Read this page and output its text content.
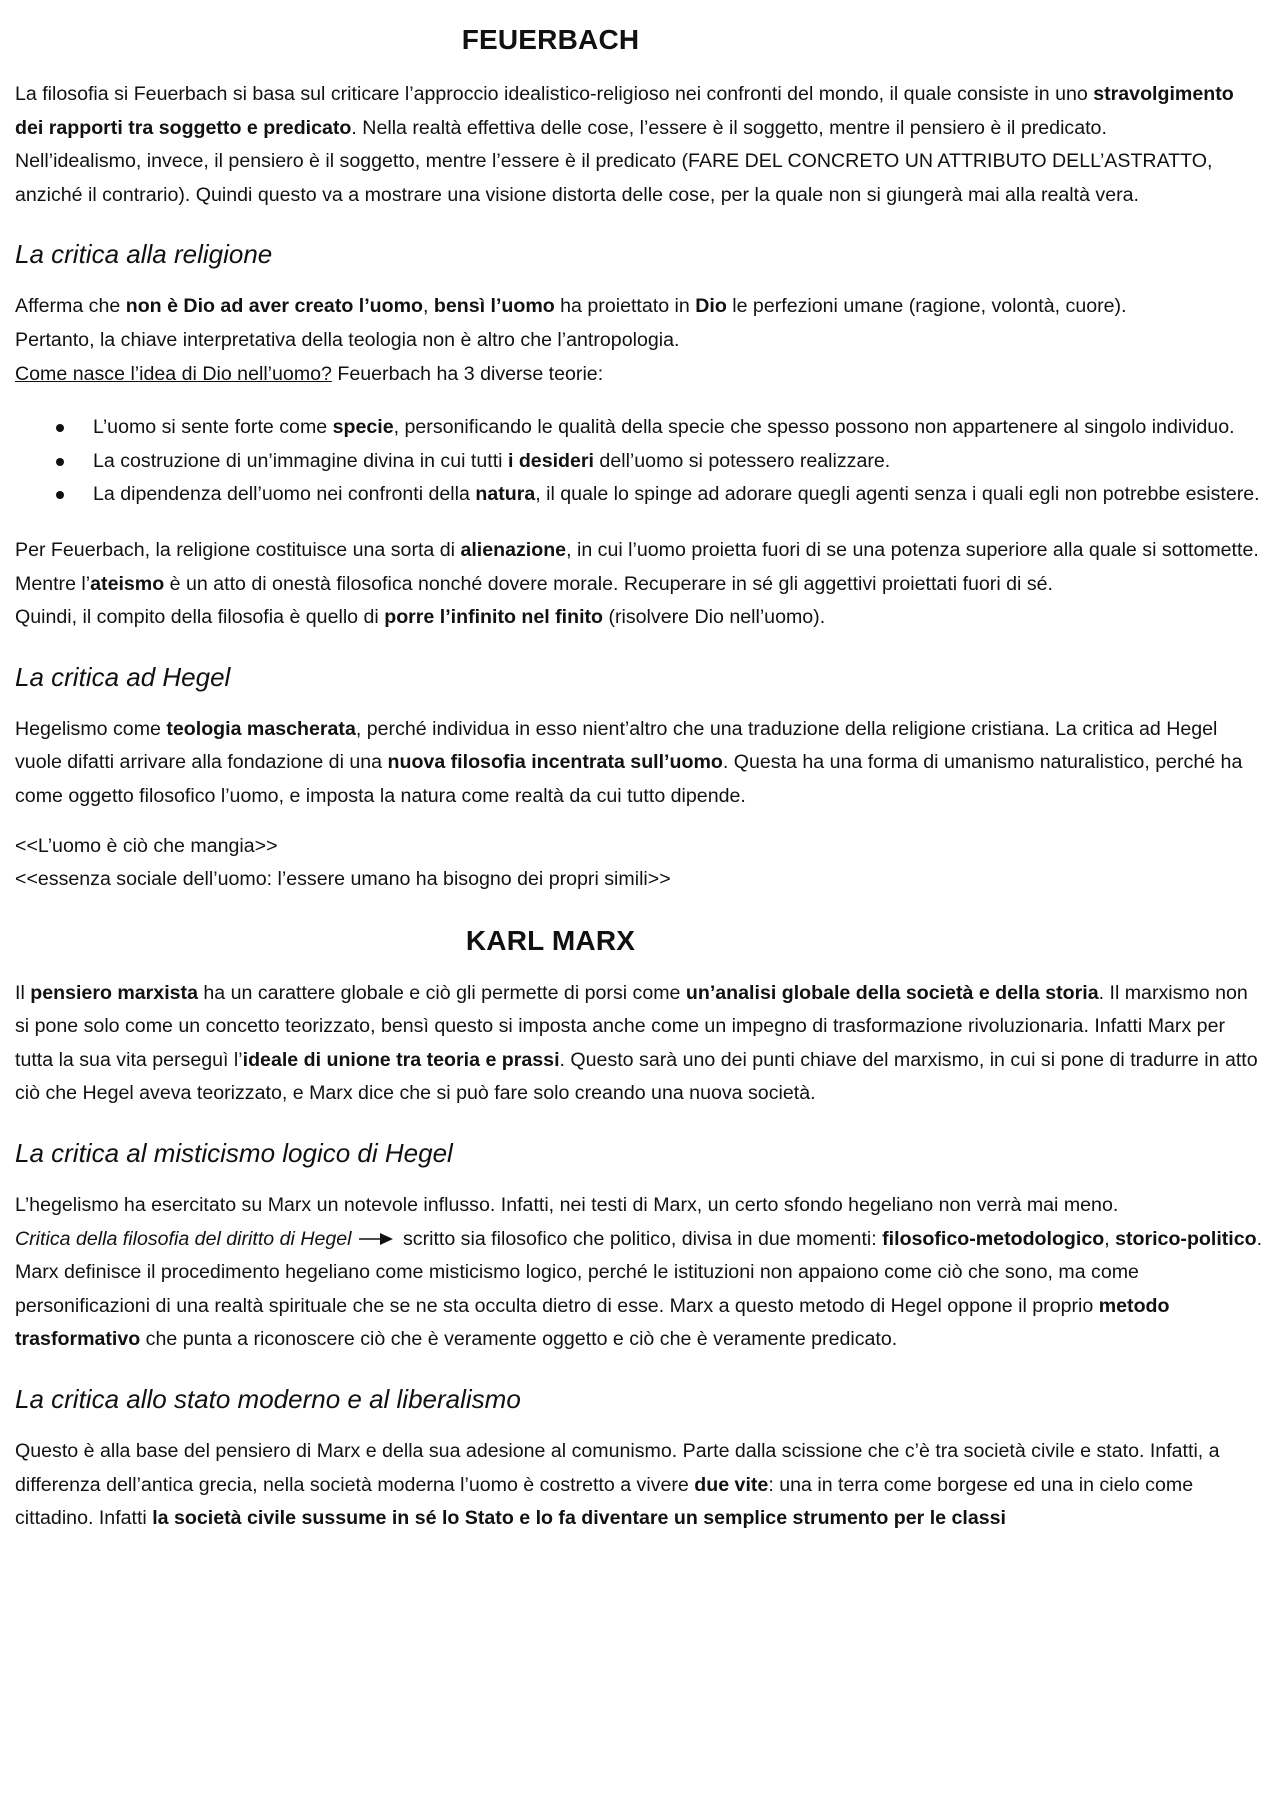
FEUERBACH

La filosofia si Feuerbach si basa sul criticare l’approccio idealistico-religioso nei confronti del mondo, il quale consiste in uno stravolgimento dei rapporti tra soggetto e predicato. Nella realtà effettiva delle cose, l’essere è il soggetto, mentre il pensiero è il predicato.

Nell’idealismo, invece, il pensiero è il soggetto, mentre l’essere è il predicato (FARE DEL CONCRETO UN ATTRIBUTO DELL’ASTRATTO, anziché il contrario). Quindi questo va a mostrare una visione distorta delle cose, per la quale non si giungerà mai alla realtà vera.

La critica alla religione

Afferma che non è Dio ad aver creato l’uomo, bensì l’uomo ha proiettato in Dio le perfezioni umane (ragione, volontà, cuore).

Pertanto, la chiave interpretativa della teologia non è altro che l’antropologia.

Come nasce l’idea di Dio nell’uomo? Feuerbach ha 3 diverse teorie:

L’uomo si sente forte come specie, personificando le qualità della specie che spesso possono non appartenere al singolo individuo.
La costruzione di un’immagine divina in cui tutti i desideri dell’uomo si potessero realizzare.
La dipendenza dell’uomo nei confronti della natura, il quale lo spinge ad adorare quegli agenti senza i quali egli non potrebbe esistere.

Per Feuerbach, la religione costituisce una sorta di alienazione, in cui l’uomo proietta fuori di se una potenza superiore alla quale si sottomette. Mentre l’ateismo è un atto di onestà filosofica nonché dovere morale. Recuperare in sé gli aggettivi proiettati fuori di sé.

Quindi, il compito della filosofia è quello di porre l’infinito nel finito (risolvere Dio nell’uomo).

La critica ad Hegel

Hegelismo come teologia mascherata, perché individua in esso nient’altro che una traduzione della religione cristiana. La critica ad Hegel vuole difatti arrivare alla fondazione di una nuova filosofia incentrata sull’uomo. Questa ha una forma di umanismo naturalistico, perché ha come oggetto filosofico l’uomo, e imposta la natura come realtà da cui tutto dipende.

<<L’uomo è ciò che mangia>>

<<essenza sociale dell’uomo: l’essere umano ha bisogno dei propri simili>>

KARL MARX

Il pensiero marxista ha un carattere globale e ciò gli permette di porsi come un’analisi globale della società e della storia. Il marxismo non si pone solo come un concetto teorizzato, bensì questo si imposta anche come un impegno di trasformazione rivoluzionaria. Infatti Marx per tutta la sua vita perseguì l’ideale di unione tra teoria e prassi. Questo sarà uno dei punti chiave del marxismo, in cui si pone di tradurre in atto ciò che Hegel aveva teorizzato, e Marx dice che si può fare solo creando una nuova società.

La critica al misticismo logico di Hegel

L’hegelismo ha esercitato su Marx un notevole influsso. Infatti, nei testi di Marx, un certo sfondo hegeliano non verrà mai meno.

Critica della filosofia del diritto di Hegel scritto sia filosofico che politico, divisa in due momenti: filosofico-metodologico, storico-politico. Marx definisce il procedimento hegeliano come misticismo logico, perché le istituzioni non appaiono come ciò che sono, ma come personificazioni di una realtà spirituale che se ne sta occulta dietro di esse. Marx a questo metodo di Hegel oppone il proprio metodo trasformativo che punta a riconoscere ciò che è veramente oggetto e ciò che è veramente predicato.

La critica allo stato moderno e al liberalismo

Questo è alla base del pensiero di Marx e della sua adesione al comunismo. Parte dalla scissione che c’è tra società civile e stato. Infatti, a differenza dell’antica grecia, nella società moderna l’uomo è costretto a vivere due vite: una in terra come borgese ed una in cielo come cittadino. Infatti la società civile sussume in sé lo Stato e lo fa diventare un semplice strumento per le classi
